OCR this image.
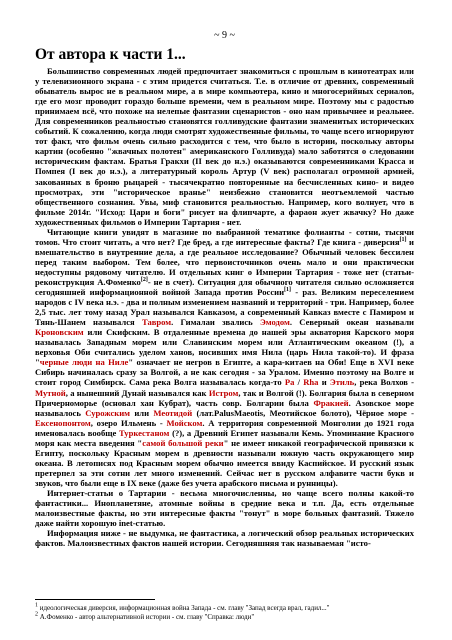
~ 9 ~
От автора к части 1...

Большинство современных людей предпочитает знакомиться с прошлым в кинотеатрах или у телевизионного экрана - с этим придется считаться. Т.е. в отличие от древних, современный обыватель вырос не в реальном мире, а в мире компьютера, кино и многосерийных сериалов, где его мозг проводит гораздо больше времени, чем в реальном мире. Поэтому мы с радостью принимаем всё, что похоже на нелепые фантазии сценаристов - оно нам привычнее и реальнее. Для современников реальностью становятся голливудские фантазии знаменитых исторических событий. К сожалению, когда люди смотрят художественные фильмы, то чаще всего игнорируют тот факт, что фильм очень сильно расходится с тем, что было в истории, поскольку авторы картин (особенно "жвачных полотен" американского Голливуда) мало заботятся о следовании историческим фактам. Братья Гракхи (II век до н.э.) оказываются современниками Красса и Помпея (I век до н.э.), а литературный король Артур (V век) располагал огромной армией, закованных в броню рыцарей - тысячекратно повторенные на бесчисленных кино- и видео просмотрах, эти "историческое вранье" неизбежно становится неотъемлемой частью общественного сознания. Увы, миф становится реальностью. Например, кого волнует, что в фильме 2014г. "Исход: Цари и боги" рисует на флипчарте, а фараон жует жвачку? Но даже художественных фильмов о Империи Тартария - нет.

Читающие книги увидят в магазине по выбранной тематике фолианты - сотни, тысячи томов. Что стоит читать, а что нет? Где бред, а где интересные факты? Где книга - диверсия[1] и вмешательство в внутренние дела, а где реальное исследование? Обычный человек бессилен перед таким выбором. Тем более, что первоисточников очень мало и они практически недоступны рядовому читателю. И отдельных книг о Империи Тартария - тоже нет (статьи-реконструкция А.Фоменко[2]- не в счет). Ситуация для обычного читателя сильно осложняется сегодняшней информационной войной Запада против России[1] - раз. Великим переселением народов с IV века н.э. - два и полным изменением названий и территорий - три. Например, более 2,5 тыс. лет тому назад Урал назывался Кавказом, а современный Кавказ вместе с Памиром и Тянь-Шанем назывался Тавром. Гималаи звались Эмодом. Северный океан называли Кроновским или Скифским. В отдаленные времена до нашей эры акватория Карского моря называлась Западным морем или Славинским морем или Атлантическим океаном (!), а верховья Оби считались уделом ханов, носивших имя Нила (царь Нила такой-то). И фраза "черные люди на Ниле" означает не негров в Египте, а кара-китаев на Оби! Еще в XVI веке Сибирь начиналась сразу за Волгой, а не как сегодня - за Уралом. Именно поэтому на Волге и стоит город Симбирск. Сама река Волга называлась когда-то Ра / Rha и Этиль, река Волхов - Мутной, а нынешний Дунай назывался как Истром, так и Волгой (!). Болгария была в северном Причерноморье (основал хан Кубрат), часть совр. Болгарии была Фракией. Азовское море называлось Сурожским или Меотидой (лат.PalusMaeotis, Меотийское болото), Чёрное море - Ексенопонтом, озеро Ильмень - Мойском. А территория современной Монголии до 1921 года именовалась вообще Туркестаном (?), а Древний Египет называли Кемь. Упоминание Красного моря как места введения "самой большой реки" не имеет никакой географической привязки к Египту, поскольку Красным морем в древности называли южную часть окружающего мир океана. В летописях под Красным морем обычно имеется ввиду Каспийское. И русский язык претерпел за эти сотни лет много изменений. Сейчас нет в русском алфавите части букв и звуков, что были еще в IX веке (даже без учета арабского письма и рунницы).

Интернет-статьи о Тартарии - весьма многочисленны, но чаще всего полны какой-то фантастики... Инопланетяне, атомные войны в средние века и т.п. Да, есть отдельные малоизвестные факты, но эти интересные факты "тонут" в море больных фантазий. Тяжело даже найти хорошую inet-статью.

Информация ниже - не выдумка, не фантастика, а логический обзор реальных исторических фактов. Малоизвестных фактов нашей истории. Сегодняшняя так называемая "исто-

$^1$ идеологическая диверсия, информационная война Запада - см. главу "Запад всегда врал, гадил..."
$^2$ А.Фоменко - автор альтернативной истории - см. главу "Справка: люди"
